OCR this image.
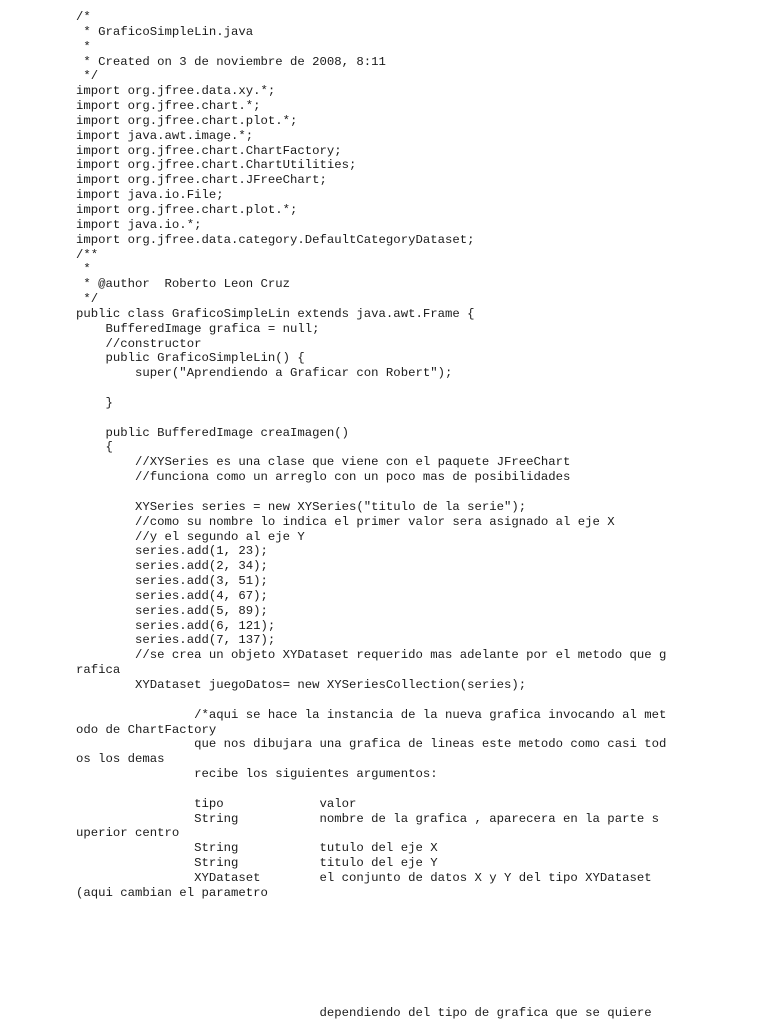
/*
* GraficoSimpleLin.java
*
* Created on 3 de noviembre de 2008, 8:11
*/
import org.jfree.data.xy.*;
import org.jfree.chart.*;
import org.jfree.chart.plot.*;
import java.awt.image.*;
import org.jfree.chart.ChartFactory;
import org.jfree.chart.ChartUtilities;
import org.jfree.chart.JFreeChart;
import java.io.File;
import org.jfree.chart.plot.*;
import java.io.*;
import org.jfree.data.category.DefaultCategoryDataset;
/**
*
* @author  Roberto Leon Cruz
*/
public class GraficoSimpleLin extends java.awt.Frame {
BufferedImage grafica = null;
//constructor
public GraficoSimpleLin() {
super("Aprendiendo a Graficar con Robert");
}
public BufferedImage creaImagen()
{
//XYSeries es una clase que viene con el paquete JFreeChart
//funciona como un arreglo con un poco mas de posibilidades
XYSeries series = new XYSeries("titulo de la serie");
//como su nombre lo indica el primer valor sera asignado al eje X
//y el segundo al eje Y
series.add(1, 23);
series.add(2, 34);
series.add(3, 51);
series.add(4, 67);
series.add(5, 89);
series.add(6, 121);
series.add(7, 137);
//se crea un objeto XYDataset requerido mas adelante por el metodo que g
rafica
XYDataset juegoDatos= new XYSeriesCollection(series);
/*aqui se hace la instancia de la nueva grafica invocando al met
odo de ChartFactory
que nos dibujara una grafica de lineas este metodo como casi tod
os los demas
recibe los siguientes argumentos:
tipo             valor
String           nombre de la grafica , aparecera en la parte s
uperior centro
String           tutulo del eje X
String           titulo del eje Y
XYDataset        el conjunto de datos X y Y del tipo XYDataset
(aqui cambian el parametro
dependiendo del tipo de grafica que se quiere
